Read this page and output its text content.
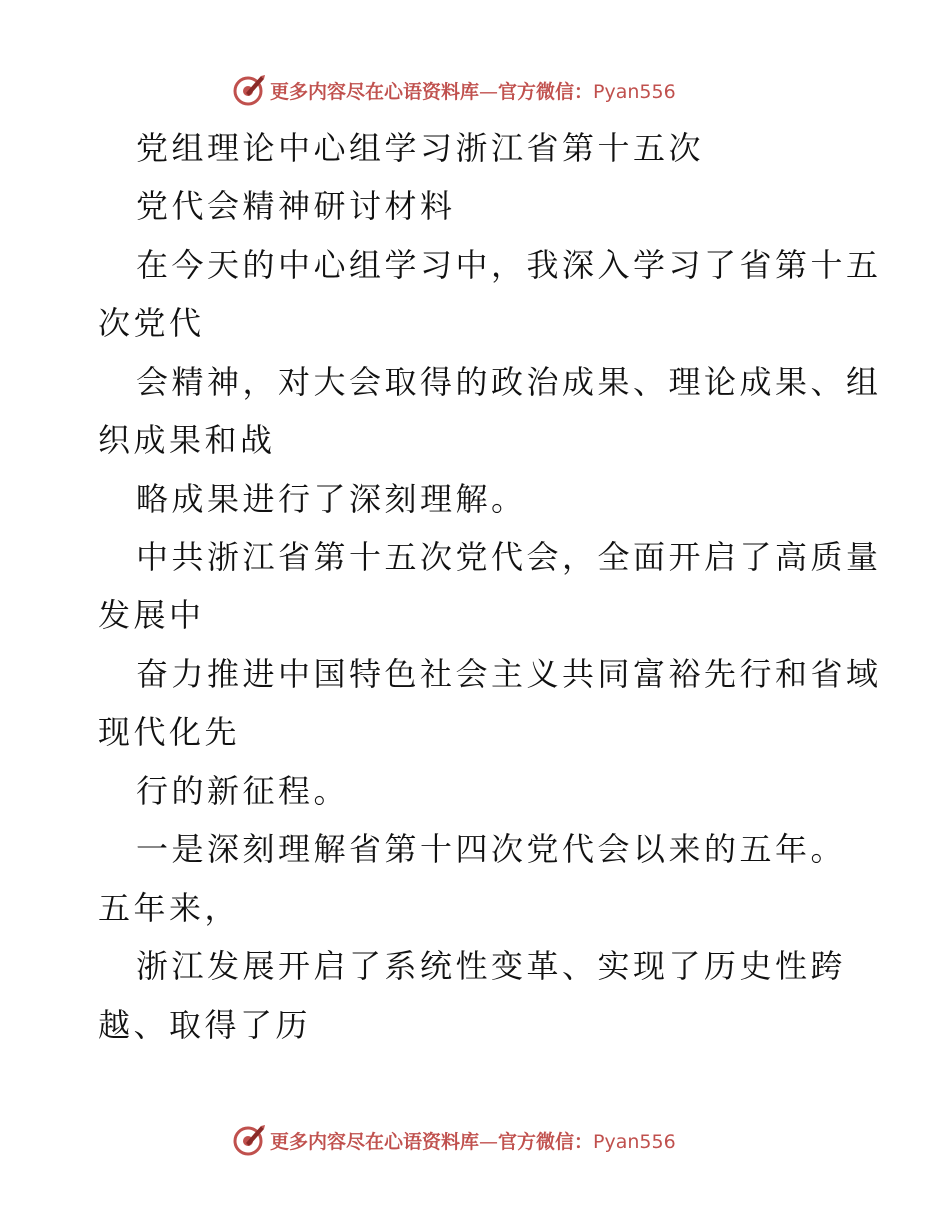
更多内容尽在心语资料库—官方微信：Pyan556
党组理论中心组学习浙江省第十五次
党代会精神研讨材料
在今天的中心组学习中，我深入学习了省第十五
次党代
会精神，对大会取得的政治成果、理论成果、组
织成果和战
略成果进行了深刻理解。
中共浙江省第十五次党代会，全面开启了高质量
发展中
奋力推进中国特色社会主义共同富裕先行和省域
现代化先
行的新征程。
一是深刻理解省第十四次党代会以来的五年。
五年来，
浙江发展开启了系统性变革、实现了历史性跨
越、取得了历
更多内容尽在心语资料库—官方微信：Pyan556
